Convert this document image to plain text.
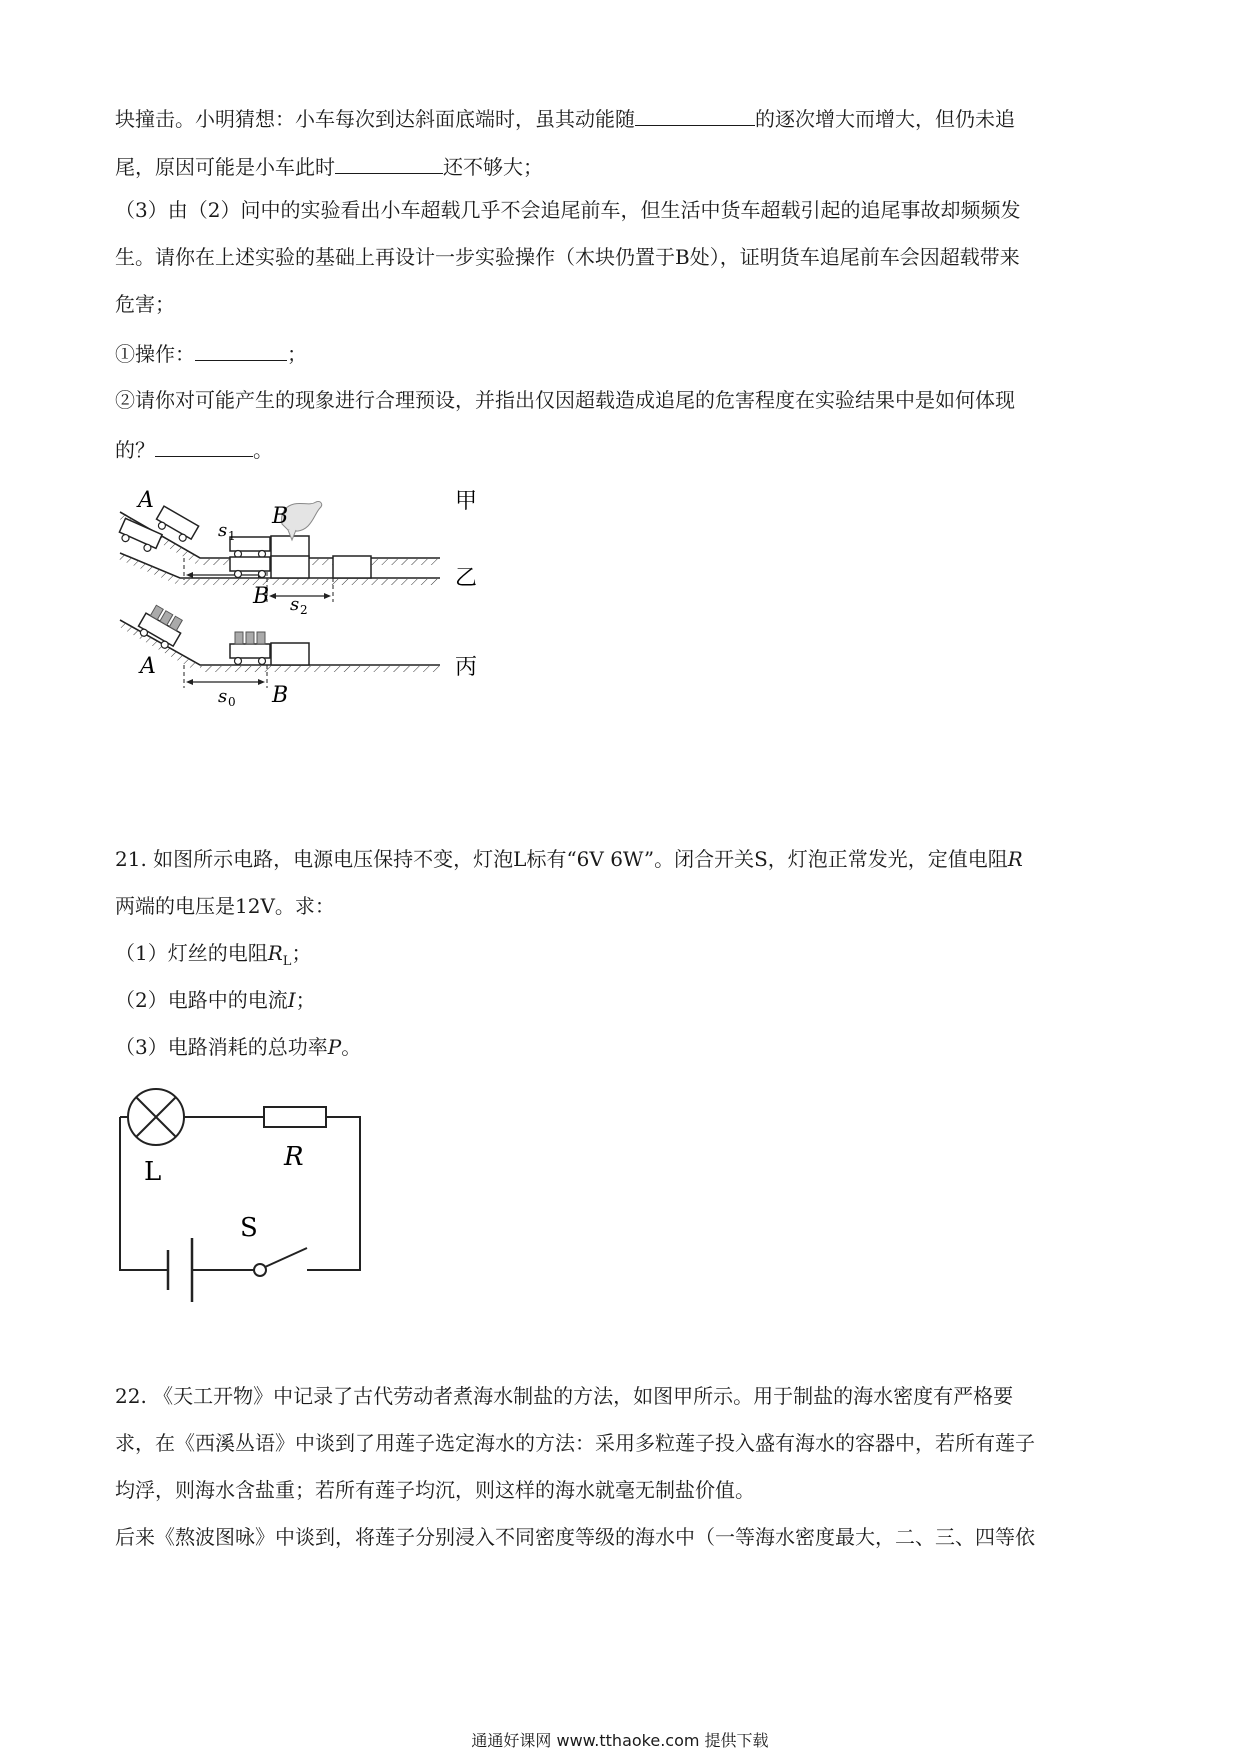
块撞击。小明猜想：小车每次到达斜面底端时，虽其动能随	的逐次增大而增大，但仍未追
尾，原因可能是小车此时	还不够大；
（3）由（2）问中的实验看出小车超载几乎不会追尾前车，但生活中货车超载引起的追尾事故却频频发
生。请你在上述实验的基础上再设计一步实验操作（木块仍置于B处），证明货车追尾前车会因超载带来
危害；
①操作：	；
②请你对可能产生的现象进行合理预设，并指出仅因超载造成追尾的危害程度在实验结果中是如何体现
的？	。
A
s 1
B
甲
B s 2
乙
A
s 0 B
丙
21. 如图所示电路，电源电压保持不变，灯泡L标有“6V 6W”。闭合开关S，灯泡正常发光，定值电阻R
两端的电压是12V。求：
（1）灯丝的电阻$R_L$；
（2）电路中的电流I；
（3）电路消耗的总功率P。
L	R
S
22. 《天工开物》中记录了古代劳动者煮海水制盐的方法，如图甲所示。用于制盐的海水密度有严格要
求，在《西溪丛语》中谈到了用莲子选定海水的方法：采用多粒莲子投入盛有海水的容器中，若所有莲子
均浮，则海水含盐重；若所有莲子均沉，则这样的海水就毫无制盐价值。
后来《熬波图咏》中谈到，将莲子分别浸入不同密度等级的海水中（一等海水密度最大，二、三、四等依
通通好课网 www.tthaoke.com 提供下载
